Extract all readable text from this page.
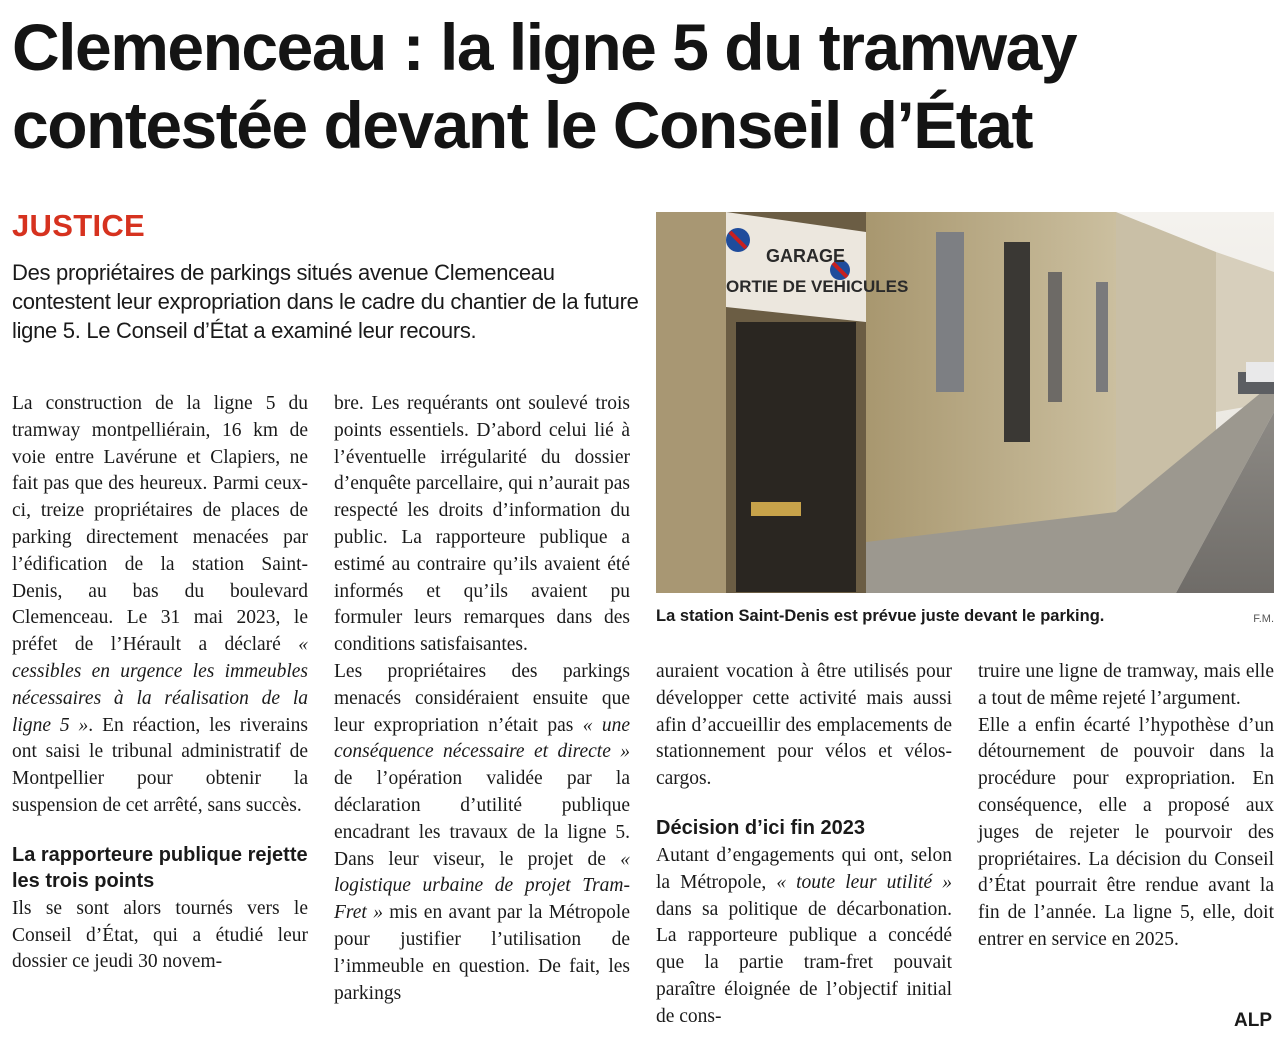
Clemenceau : la ligne 5 du tramway
contestée devant le Conseil d’État
JUSTICE

Des propriétaires de parkings situés avenue Clemenceau contestent leur expropriation dans le cadre du chantier de la future ligne 5. Le Conseil d’État a examiné leur recours.

La construction de la ligne 5 du tramway montpelliérain, 16 km de voie entre Lavérune et Clapiers, ne fait pas que des heureux. Parmi ceux-ci, treize propriétaires de places de parking directement menacées par l’édification de la station Saint-Denis, au bas du boulevard Clemenceau. Le 31 mai 2023, le préfet de l’Hérault a déclaré « cessibles en urgence les immeubles nécessaires à la réalisation de la ligne 5 ». En réaction, les riverains ont saisi le tribunal administratif de Montpellier pour obtenir la suspension de cet arrêté, sans succès.

La rapporteure publique rejette les trois points

Ils se sont alors tournés vers le Conseil d’État, qui a étudié leur dossier ce jeudi 30 novem-

bre. Les requérants ont soulevé trois points essentiels. D’abord celui lié à l’éventuelle irrégularité du dossier d’enquête parcellaire, qui n’aurait pas respecté les droits d’information du public. La rapporteure publique a estimé au contraire qu’ils avaient été informés et qu’ils avaient pu formuler leurs remarques dans des conditions satisfaisantes.

Les propriétaires des parkings menacés considéraient ensuite que leur expropriation n’était pas « une conséquence nécessaire et directe » de l’opération validée par la déclaration d’utilité publique encadrant les travaux de la ligne 5. Dans leur viseur, le projet de « logistique urbaine de projet Tram-Fret » mis en avant par la Métropole pour justifier l’utilisation de l’immeuble en question. De fait, les parkings

GARAGE
ORTIE DE VEHICULES
La station Saint-Denis est prévue juste devant le parking.	F.M.

auraient vocation à être utilisés pour développer cette activité mais aussi afin d’accueillir des emplacements de stationnement pour vélos et vélos-cargos.

Décision d’ici fin 2023

Autant d’engagements qui ont, selon la Métropole, « toute leur utilité » dans sa politique de décarbonation. La rapporteure publique a concédé que la partie tram-fret pouvait paraître éloignée de l’objectif initial de cons-

truire une ligne de tramway, mais elle a tout de même rejeté l’argument.

Elle a enfin écarté l’hypothèse d’un détournement de pouvoir dans la procédure pour expropriation. En conséquence, elle a proposé aux juges de rejeter le pourvoir des propriétaires. La décision du Conseil d’État pourrait être rendue avant la fin de l’année. La ligne 5, elle, doit entrer en service en 2025.

ALP
